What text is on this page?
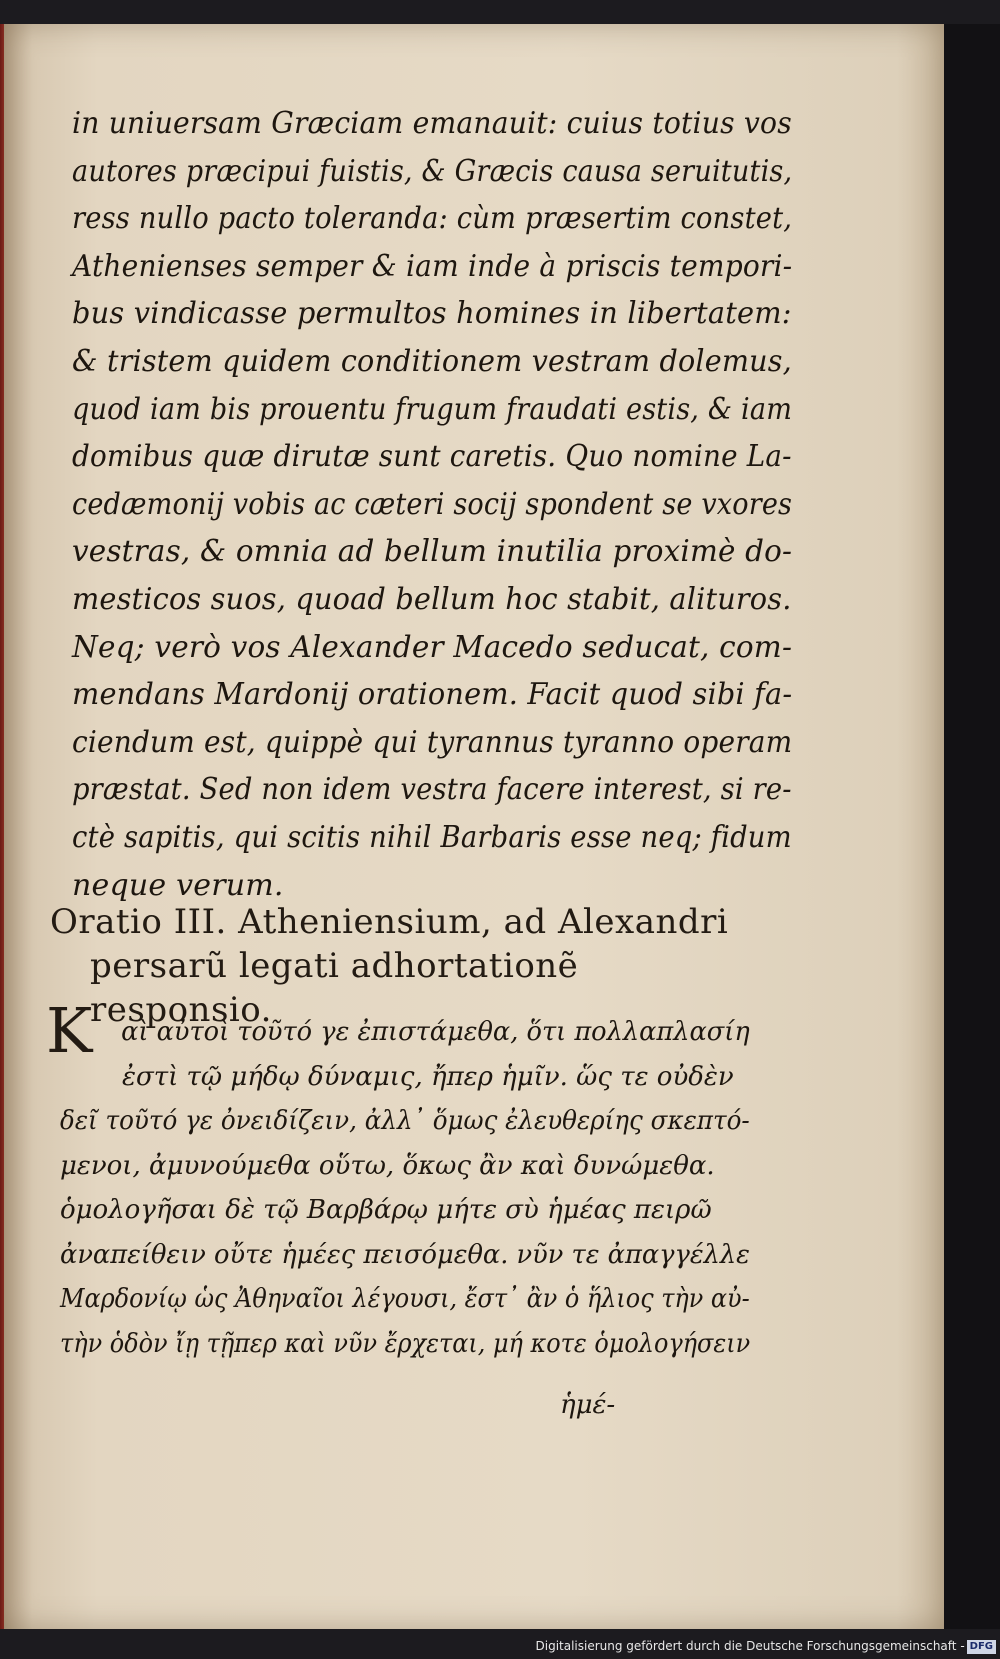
in uniuersam Græciam emanauit: cuius totius vos
autores præcipui fuistis, & Græcis causa seruitutis,
ress nullo pacto toleranda: cùm præsertim constet,
Athenienses semper & iam inde à priscis tempori-
bus vindicasse permultos homines in libertatem:
& tristem quidem conditionem vestram dolemus,
quod iam bis prouentu frugum fraudati estis, & iam
domibus quæ dirutæ sunt caretis. Quo nomine La-
cedæmonij vobis ac cæteri socij spondent se vxores
vestras, & omnia ad bellum inutilia proximè do-
mesticos suos, quoad bellum hoc stabit, alituros.
Neq; verò vos Alexander Macedo seducat, com-
mendans Mardonij orationem. Facit quod sibi fa-
ciendum est, quippè qui tyrannus tyranno operam
præstat. Sed non idem vestra facere interest, si re-
ctè sapitis, qui scitis nihil Barbaris esse neq; fidum
neque verum.
Oratio III. Atheniensium, ad Alexandri
persarũ legati adhortationẽ responsio.
K	αὶ αὐτοὶ τοῦτό γε ἐπιστάμεθα, ὅτι πολλαπλασίη
ἐστὶ τῷ μήδῳ δύναμις, ἤπερ ἡμῖν. ὥς τε οὐδὲν
δεῖ τοῦτό γε ὀνειδίζειν, ἀλλ᾽ ὅμως ἐλευθερίης σκεπτό-
μενοι, ἀμυνούμεθα οὕτω, ὅκως ἂν καὶ δυνώμεθα.
ὁμολογῆσαι δὲ τῷ Βαρβάρῳ μήτε σὺ ἡμέας πειρῶ
ἀναπείθειν οὔτε ἡμέες πεισόμεθα. νῦν τε ἀπαγγέλλε
Μαρδονίῳ ὡς Ἀθηναῖοι λέγουσι, ἔστ᾽ ἂν ὁ ἥλιος τὴν αὐ-
τὴν ὁδὸν ἴῃ τῇπερ καὶ νῦν ἔρχεται, μή κοτε ὁμολογήσειν
ἡμέ-
Digitalisierung gefördert durch die Deutsche Forschungsgemeinschaft - DFG
